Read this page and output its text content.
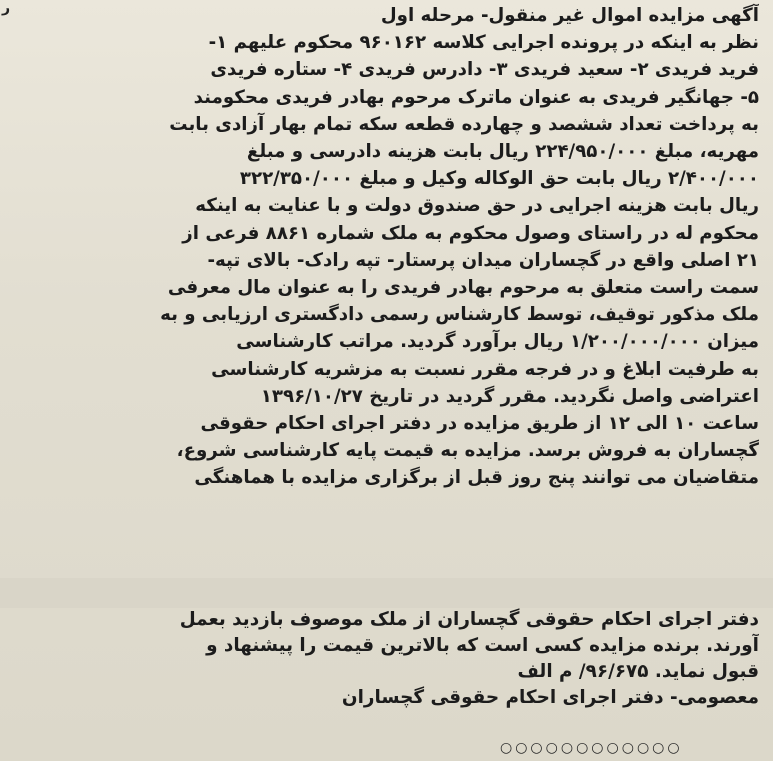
ر	آگهی مزایده اموال غیر منقول- مرحله اول
نظر به اینکه در پرونده اجرایی کلاسه ۹۶۰۱۶۲ محکوم علیهم ۱-
فرید فریدی ۲- سعید فریدی ۳- دادرس فریدی ۴- ستاره فریدی
۵- جهانگیر فریدی به عنوان ماترک مرحوم بهادر فریدی محکومند
به پرداخت تعداد ششصد و چهارده قطعه سکه تمام بهار آزادی بابت
مهریه، مبلغ ۲۲۴/۹۵۰/۰۰۰ ریال بابت هزینه دادرسی و مبلغ
۲/۴۰۰/۰۰۰ ریال بابت حق الوکاله وکیل و مبلغ ۳۲۲/۳۵۰/۰۰۰
ریال بابت هزینه اجرایی در حق صندوق دولت و با عنایت به اینکه
محکوم له در راستای وصول محکوم به ملک شماره ۸۸۶۱ فرعی از
۲۱ اصلی واقع در گچساران میدان پرستار- تپه رادک- بالای تپه-
سمت راست متعلق به مرحوم بهادر فریدی را به عنوان مال معرفی
ملک مذکور توقیف، توسط کارشناس رسمی دادگستری ارزیابی و به
میزان ۱/۲۰۰/۰۰۰/۰۰۰ ریال برآورد گردید. مراتب کارشناسی
به طرفیت ابلاغ و در فرجه مقرر نسبت به مزشریه کارشناسی
اعتراضی واصل نگردید. مقرر گردید در تاریخ ۱۳۹۶/۱۰/۲۷
ساعت ۱۰ الی ۱۲ از طریق مزایده در دفتر اجرای احکام حقوقی
گچساران به فروش برسد. مزایده به قیمت پایه کارشناسی شروع،
متقاضیان می توانند پنج روز قبل از برگزاری مزایده با هماهنگی
دفتر اجرای احکام حقوقی گچساران از ملک موصوف بازدید بعمل
آورند. برنده مزایده کسی است که بالاترین قیمت را پیشنهاد و
قبول نماید. ۹۶/۶۷۵/ م الف
معصومی- دفتر اجرای احکام حقوقی گچساران
○○○○○○○○○○○○
